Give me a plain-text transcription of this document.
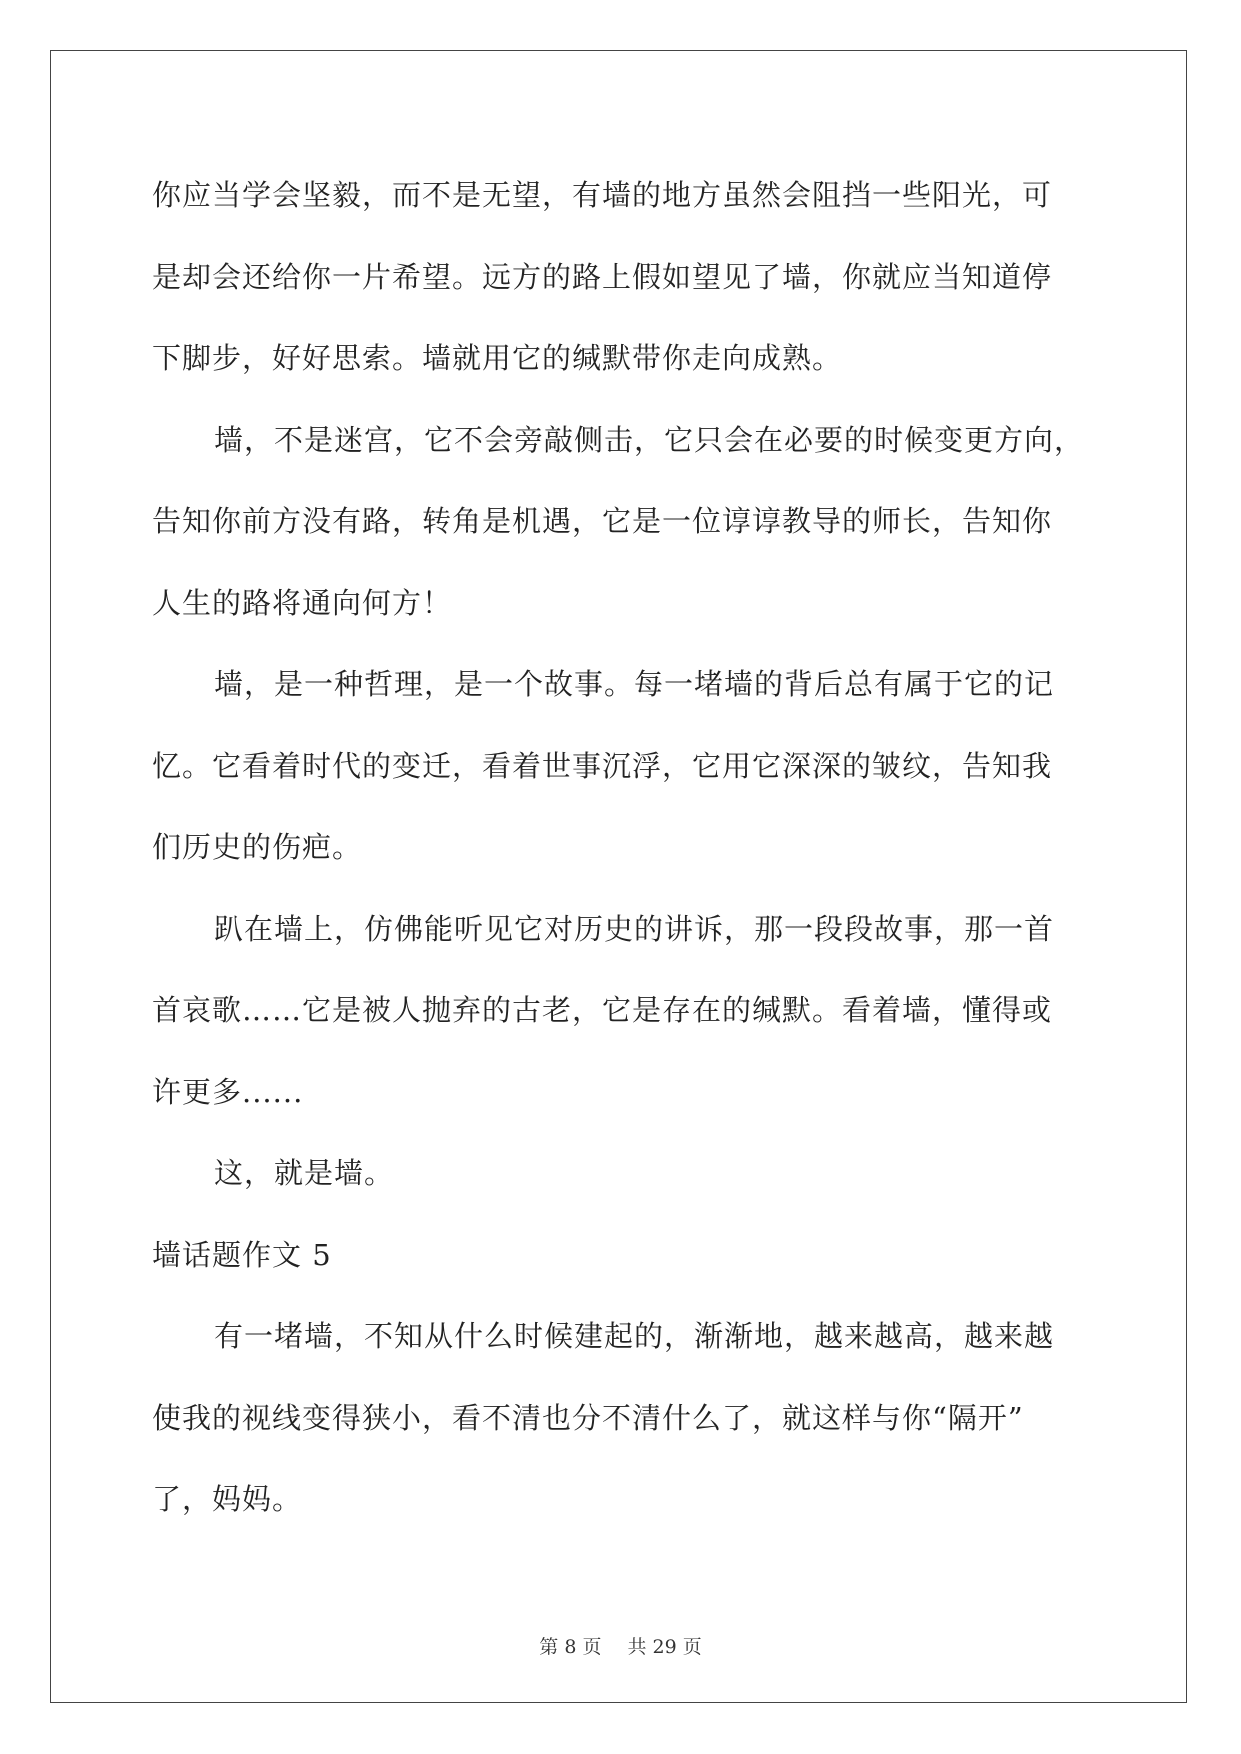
你应当学会坚毅，而不是无望，有墙的地方虽然会阻挡一些阳光，可
是却会还给你一片希望。远方的路上假如望见了墙，你就应当知道停
下脚步，好好思索。墙就用它的缄默带你走向成熟。
墙，不是迷宫，它不会旁敲侧击，它只会在必要的时候变更方向，
告知你前方没有路，转角是机遇，它是一位谆谆教导的师长，告知你
人生的路将通向何方！
墙，是一种哲理，是一个故事。每一堵墙的背后总有属于它的记
忆。它看着时代的变迁，看着世事沉浮，它用它深深的皱纹，告知我
们历史的伤疤。
趴在墙上，仿佛能听见它对历史的讲诉，那一段段故事，那一首
首哀歌……它是被人抛弃的古老，它是存在的缄默。看着墙，懂得或
许更多......
这，就是墙。
墙话题作文 5
有一堵墙，不知从什么时候建起的，渐渐地，越来越高，越来越
使我的视线变得狭小，看不清也分不清什么了，就这样与你“隔开”
了，妈妈。
第 8 页 共 29 页
